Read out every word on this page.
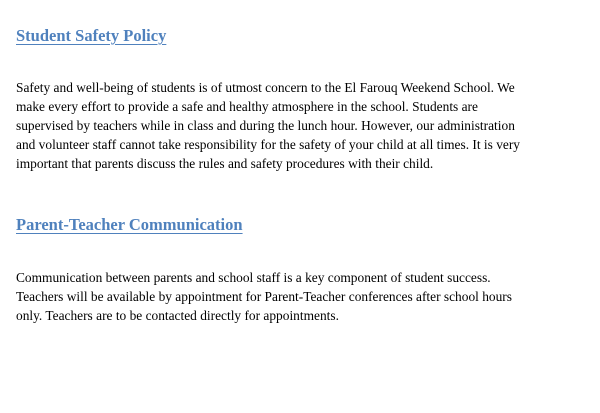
Student Safety Policy

Safety and well-being of students is of utmost concern to the El Farouq Weekend School. We
make every effort to provide a safe and healthy atmosphere in the school. Students are
supervised by teachers while in class and during the lunch hour. However, our administration
and volunteer staff cannot take responsibility for the safety of your child at all times. It is very
important that parents discuss the rules and safety procedures with their child.

Parent-Teacher Communication

Communication between parents and school staff is a key component of student success.
Teachers will be available by appointment for Parent-Teacher conferences after school hours
only. Teachers are to be contacted directly for appointments.
